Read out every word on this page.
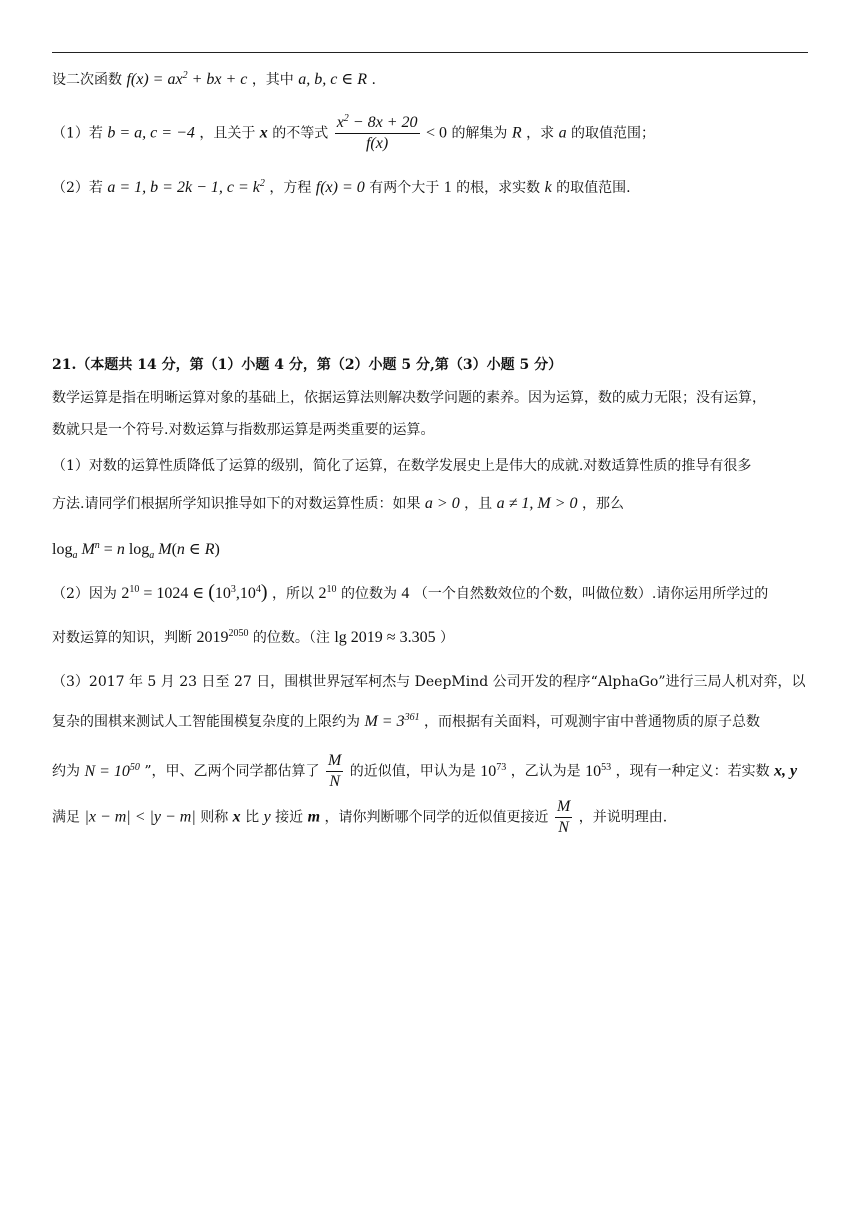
设二次函数 $f(x) = ax^2$ + bx + c ，其中 a, b, c ∈ R .
（1）若 b = a, c = −4 ，且关于 x 的不等式 $\frac{x^2 - 8x + 20}{f(x)} < 0$ 的解集为 R ，求 a 的取值范围；
（2）若 a = 1, b = 2k − 1, $c = k^2$ ，方程 f(x) = 0 有两个大于 1 的根，求实数 k 的取值范围.
21.（本题共 14 分，第（1）小题 4 分，第（2）小题 5 分,第（3）小题 5 分）
数学运算是指在明晰运算对象的基础上，依据运算法则解决数学问题的素养。因为运算，数的威力无限；没有运算，
数就只是一个符号.对数运算与指数那运算是两类重要的运算。
（1）对数的运算性质降低了运算的级别，简化了运算，在数学发展史上是伟大的成就.对数适算性质的推导有很多
方法.请同学们根据所学知识推导如下的对数运算性质：如果 a > 0 ，且 a ≠ 1, M > 0 ，那么
$\log_a M^n = n$ $\log_a M(n$ ∈ R)
（2）因为 $2^{10} = 1024$ ∈ $(10^3,10^4)$ ，所以 $2^{10}$ 的位数为 4 （一个自然数效位的个数，叫做位数）.请你运用所学过的
对数运算的知识，判断 $2019^{2050}$ 的位数。（注 lg 2019 ≈ 3.305 ）
（3）2017 年 5 月 23 日至 27 日，围棋世界冠军柯杰与 DeepMind 公司开发的程序“AlphaGo”进行三局人机对弈，以
复杂的围棋来测试人工智能围模复杂度的上限约为 $M = 3^{361}$ ，而根据有关面料，可观测宇宙中普通物质的原子总数
约为 $N = 10^{50}$ ”，甲、乙两个同学都估算了 $\frac{M}{N}$ 的近似值，甲认为是 $10^{73}$ ，乙认为是 $10^{53}$ ，现有一种定义：若实数 x, y
满足 |x − m| < |y − m| 则称 x 比 y 接近 m ，请你判断哪个同学的近似值更接近 $\frac{M}{N}$ ，并说明理由.
